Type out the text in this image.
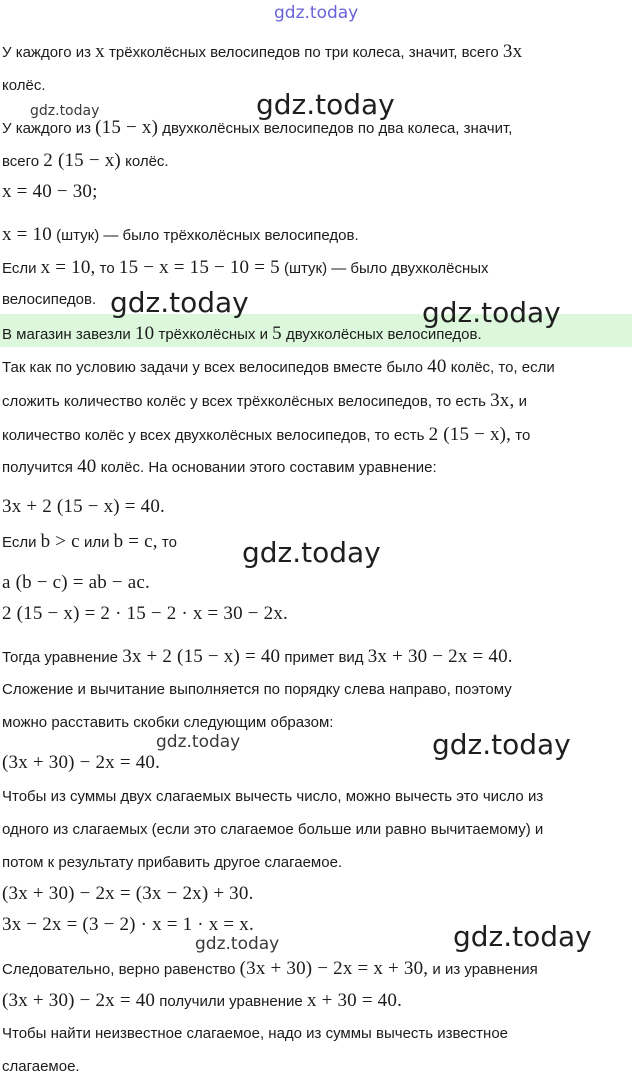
gdz.today
У каждого из x трёхколёсных велосипедов по три колеса, значит, всего 3x
колёс.
У каждого из (15 − x) двухколёсных велосипедов по два колеса, значит,
всего 2 (15 − x) колёс.
x = 40 − 30;
x = 10 (штук) — было трёхколёсных велосипедов.
Если x = 10, то 15 − x = 15 − 10 = 5 (штук) — было двухколёсных
велосипедов.
В магазин завезли 10 трёхколёсных и 5 двухколёсных велосипедов.
Так как по условию задачи у всех велосипедов вместе было 40 колёс, то, если
сложить количество колёс у всех трёхколёсных велосипедов, то есть 3x, и
количество колёс у всех двухколёсных велосипедов, то есть 2 (15 − x), то
получится 40 колёс. На основании этого составим уравнение:
3x + 2 (15 − x) = 40.
Если b > c или b = c, то
a (b − c) = ab − ac.
2 (15 − x) = 2 · 15 − 2 · x = 30 − 2x.
Тогда уравнение 3x + 2 (15 − x) = 40 примет вид 3x + 30 − 2x = 40.
Сложение и вычитание выполняется по порядку слева направо, поэтому
можно расставить скобки следующим образом:
(3x + 30) − 2x = 40.
Чтобы из суммы двух слагаемых вычесть число, можно вычесть это число из
одного из слагаемых (если это слагаемое больше или равно вычитаемому) и
потом к результату прибавить другое слагаемое.
(3x + 30) − 2x = (3x − 2x) + 30.
3x − 2x = (3 − 2) · x = 1 · x = x.
Следовательно, верно равенство (3x + 30) − 2x = x + 30, и из уравнения
(3x + 30) − 2x = 40 получили уравнение x + 30 = 40.
Чтобы найти неизвестное слагаемое, надо из суммы вычесть известное
слагаемое.
gdz.today	gdz.today
gdz.today	gdz.today
gdz.today
gdz.today	gdz.today
gdz.today	gdz.today
